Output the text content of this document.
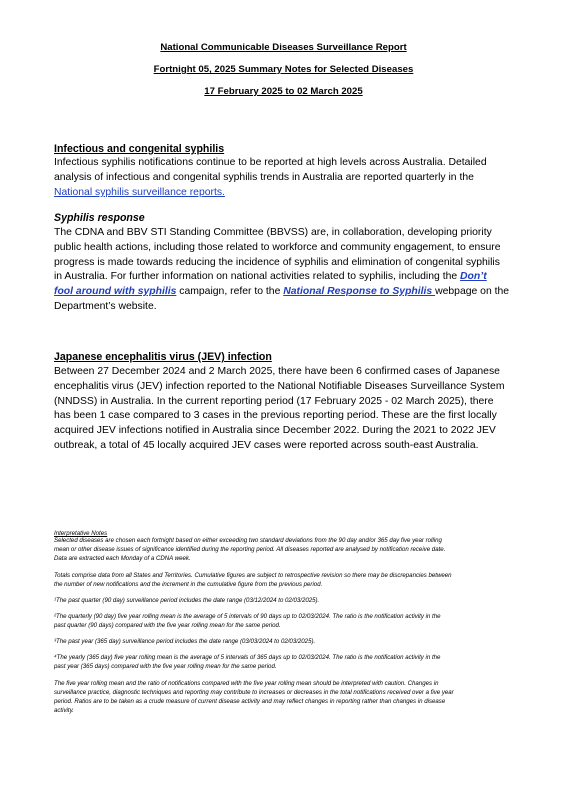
National Communicable Diseases Surveillance Report
Fortnight 05, 2025 Summary Notes for Selected Diseases
17 February 2025 to 02 March 2025
Infectious and congenital syphilis
Infectious syphilis notifications continue to be reported at high levels across Australia. Detailed
analysis of infectious and congenital syphilis trends in Australia are reported quarterly in the
National syphilis surveillance reports.
Syphilis response
The CDNA and BBV STI Standing Committee (BBVSS) are, in collaboration, developing priority
public health actions, including those related to workforce and community engagement, to ensure
progress is made towards reducing the incidence of syphilis and elimination of congenital syphilis
in Australia. For further information on national activities related to syphilis, including the Don’t
fool around with syphilis campaign, refer to the National Response to Syphilis webpage on the
Department’s website.
Japanese encephalitis virus (JEV) infection
Between 27 December 2024 and 2 March 2025, there have been 6 confirmed cases of Japanese
encephalitis virus (JEV) infection reported to the National Notifiable Diseases Surveillance System
(NNDSS) in Australia. In the current reporting period (17 February 2025 - 02 March 2025), there
has been 1 case compared to 3 cases in the previous reporting period. These are the first locally
acquired JEV infections notified in Australia since December 2022. During the 2021 to 2022 JEV
outbreak, a total of 45 locally acquired JEV cases were reported across south-east Australia.
Interpretative Notes
Selected diseases are chosen each fortnight based on either exceeding two standard deviations from the 90 day and/or 365 day five year rolling
mean or other disease issues of significance identified during the reporting period. All diseases reported are analysed by notification receive date.
Data are extracted each Monday of a CDNA week.
Totals comprise data from all States and Territories. Cumulative figures are subject to retrospective revision so there may be discrepancies between
the number of new notifications and the increment in the cumulative figure from the previous period.
¹The past quarter (90 day) surveillance period includes the date range (03/12/2024 to 02/03/2025).
²The quarterly (90 day) five year rolling mean is the average of 5 intervals of 90 days up to 02/03/2024. The ratio is the notification activity in the
past quarter (90 days) compared with the five year rolling mean for the same period.
³The past year (365 day) surveillance period includes the date range (03/03/2024 to 02/03/2025).
⁴The yearly (365 day) five year rolling mean is the average of 5 intervals of 365 days up to 02/03/2024. The ratio is the notification activity in the
past year (365 days) compared with the five year rolling mean for the same period.
The five year rolling mean and the ratio of notifications compared with the five year rolling mean should be interpreted with caution. Changes in
surveillance practice, diagnostic techniques and reporting may contribute to increases or decreases in the total notifications received over a five year
period. Ratios are to be taken as a crude measure of current disease activity and may reflect changes in reporting rather than changes in disease
activity.
